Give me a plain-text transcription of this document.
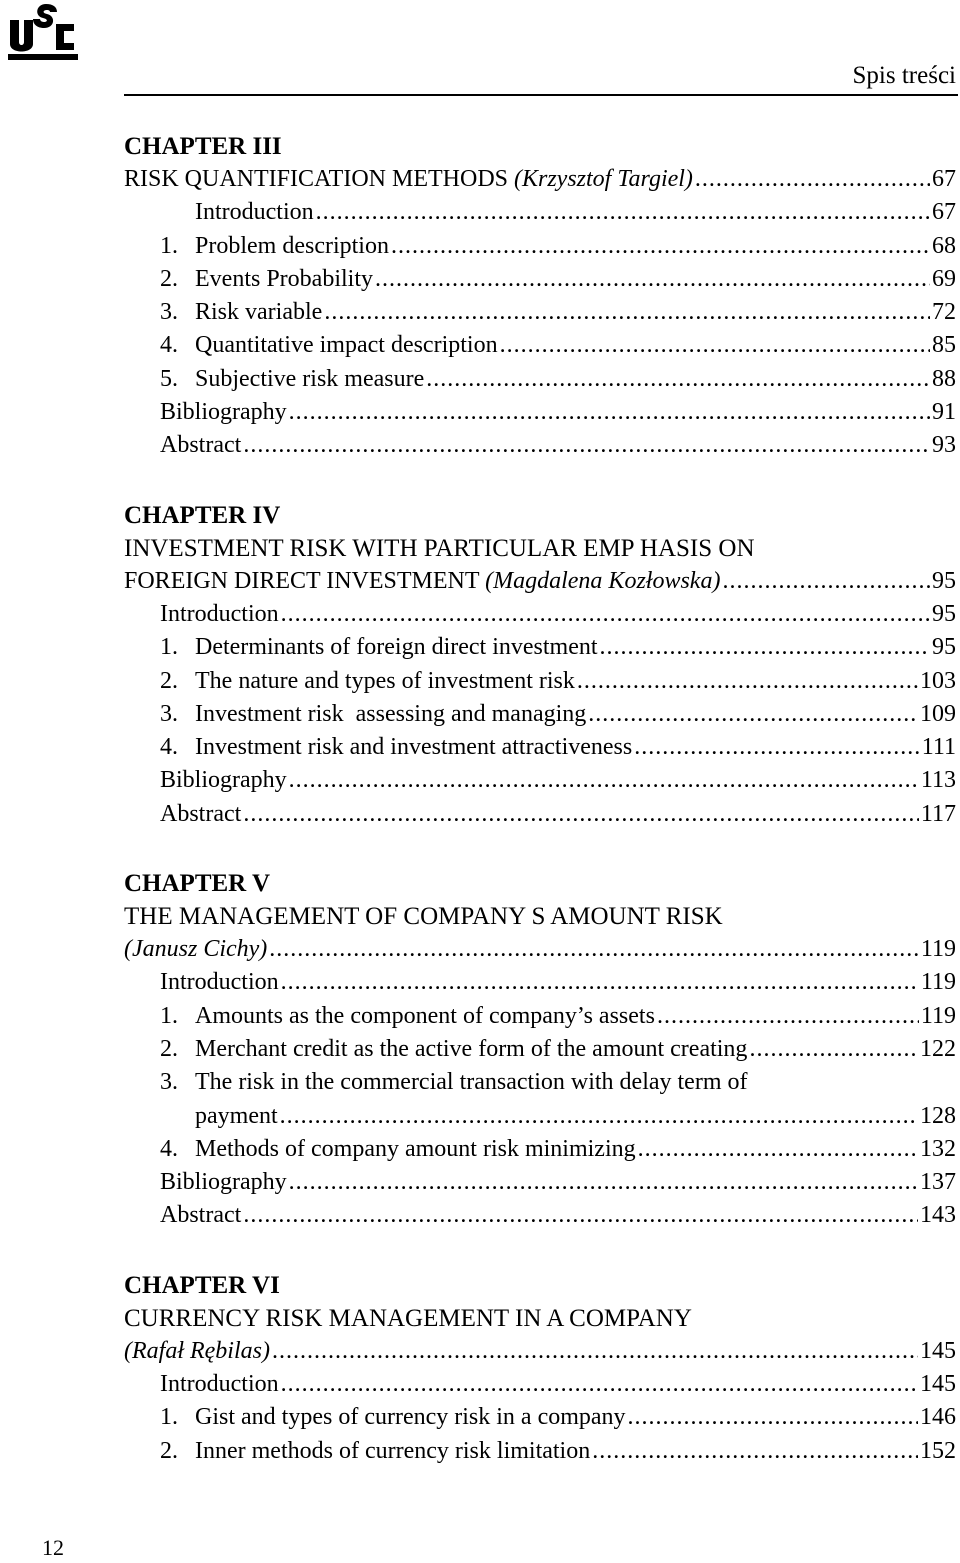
Spis treści
CHAPTER III
RISK QUANTIFICATION METHODS (Krzysztof Targiel) .....	67
Introduction .....	67
1. Problem description .....	68
2. Events Probability .....	69
3. Risk variable .....	72
4. Quantitative impact description .....	85
5. Subjective risk measure .....	88
Bibliography .....	91
Abstract .....	93
CHAPTER IV
INVESTMENT RISK WITH PARTICULAR EMP HASIS ON
FOREIGN DIRECT INVESTMENT (Magdalena Kozłowska) .....	95
Introduction .....	95
1. Determinants of foreign direct investment .....	95
2. The nature and types of investment risk .....	103
3. Investment risk  assessing and managing .....	109
4. Investment risk and investment attractiveness .....	111
Bibliography .....	113
Abstract .....	117
CHAPTER V
THE MANAGEMENT OF COMPANY S AMOUNT RISK
(Janusz Cichy) .....	119
Introduction .....	119
1. Amounts as the component of company’s assets .....	119
2. Merchant credit as the active form of the amount creating .....	122
3. The risk in the commercial transaction with delay term of
payment .....	128
4. Methods of company amount risk minimizing .....	132
Bibliography .....	137
Abstract .....	143
CHAPTER VI
CURRENCY RISK MANAGEMENT IN A COMPANY
(Rafał Rębilas) .....	145
Introduction .....	145
1. Gist and types of currency risk in a company .....	146
2. Inner methods of currency risk limitation .....	152
12
